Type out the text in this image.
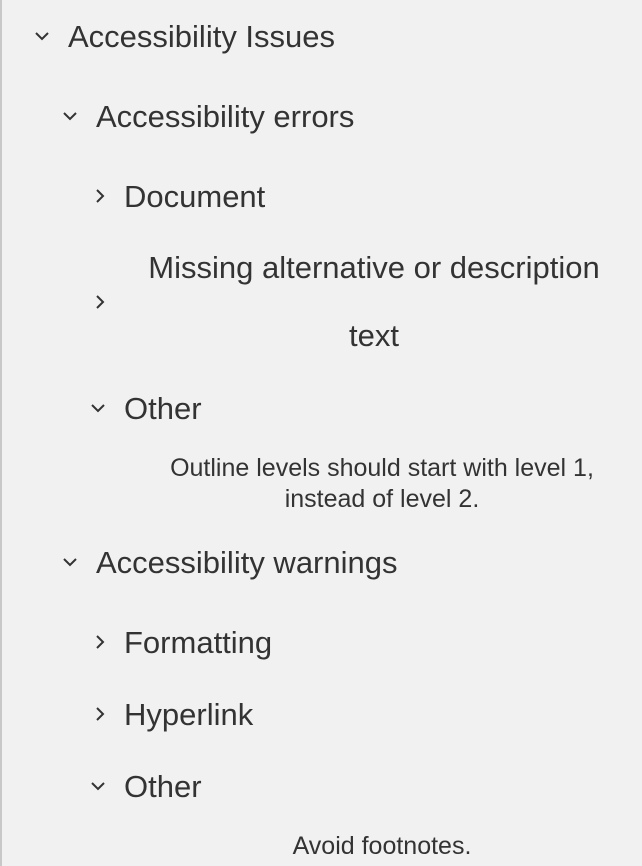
Accessibility Issues
Accessibility errors
Document
Missing alternative or description
text
Other
Outline levels should start with level 1,
instead of level 2.
Accessibility warnings
Formatting
Hyperlink
Other
Avoid footnotes.
